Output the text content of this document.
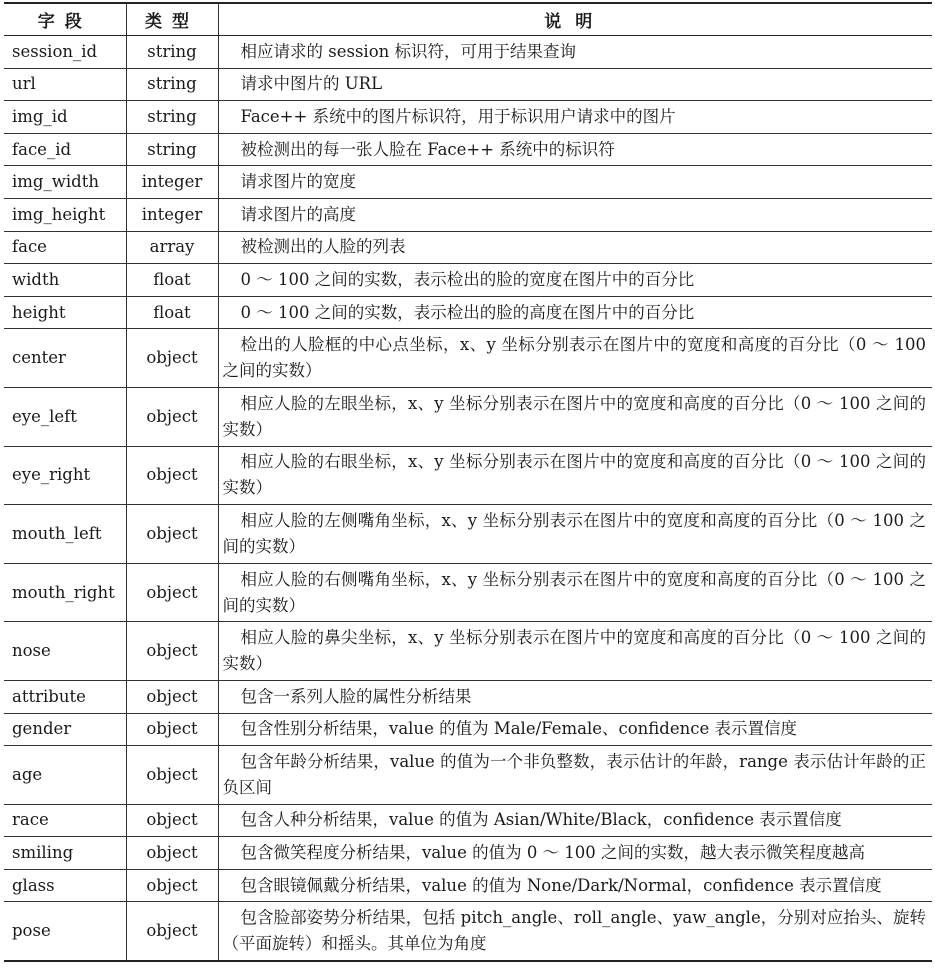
字段	类型	说明
session_id	string	相应请求的 session 标识符，可用于结果查询
url	string	请求中图片的 URL
img_id	string	Face++ 系统中的图片标识符，用于标识用户请求中的图片
face_id	string	被检测出的每一张人脸在 Face++ 系统中的标识符
img_width	integer	请求图片的宽度
img_height	integer	请求图片的高度
face	array	被检测出的人脸的列表
width	float	0 ～ 100 之间的实数，表示检出的脸的宽度在图片中的百分比
height	float	0 ～ 100 之间的实数，表示检出的脸的高度在图片中的百分比
center	object	检出的人脸框的中心点坐标，x、y 坐标分别表示在图片中的宽度和高度的百分比（0 ～ 100 之间的实数）
eye_left	object	相应人脸的左眼坐标，x、y 坐标分别表示在图片中的宽度和高度的百分比（0 ～ 100 之间的实数）
eye_right	object	相应人脸的右眼坐标，x、y 坐标分别表示在图片中的宽度和高度的百分比（0 ～ 100 之间的实数）
mouth_left	object	相应人脸的左侧嘴角坐标，x、y 坐标分别表示在图片中的宽度和高度的百分比（0 ～ 100 之间的实数）
mouth_right	object	相应人脸的右侧嘴角坐标，x、y 坐标分别表示在图片中的宽度和高度的百分比（0 ～ 100 之间的实数）
nose	object	相应人脸的鼻尖坐标，x、y 坐标分别表示在图片中的宽度和高度的百分比（0 ～ 100 之间的实数）
attribute	object	包含一系列人脸的属性分析结果
gender	object	包含性别分析结果，value 的值为 Male/Female、confidence 表示置信度
age	object	包含年龄分析结果，value 的值为一个非负整数，表示估计的年龄，range 表示估计年龄的正负区间
race	object	包含人种分析结果，value 的值为 Asian/White/Black，confidence 表示置信度
smiling	object	包含微笑程度分析结果，value 的值为 0 ～ 100 之间的实数，越大表示微笑程度越高
glass	object	包含眼镜佩戴分析结果，value 的值为 None/Dark/Normal，confidence 表示置信度
pose	object	包含脸部姿势分析结果，包括 pitch_angle、roll_angle、yaw_angle，分别对应抬头、旋转（平面旋转）和摇头。其单位为角度
